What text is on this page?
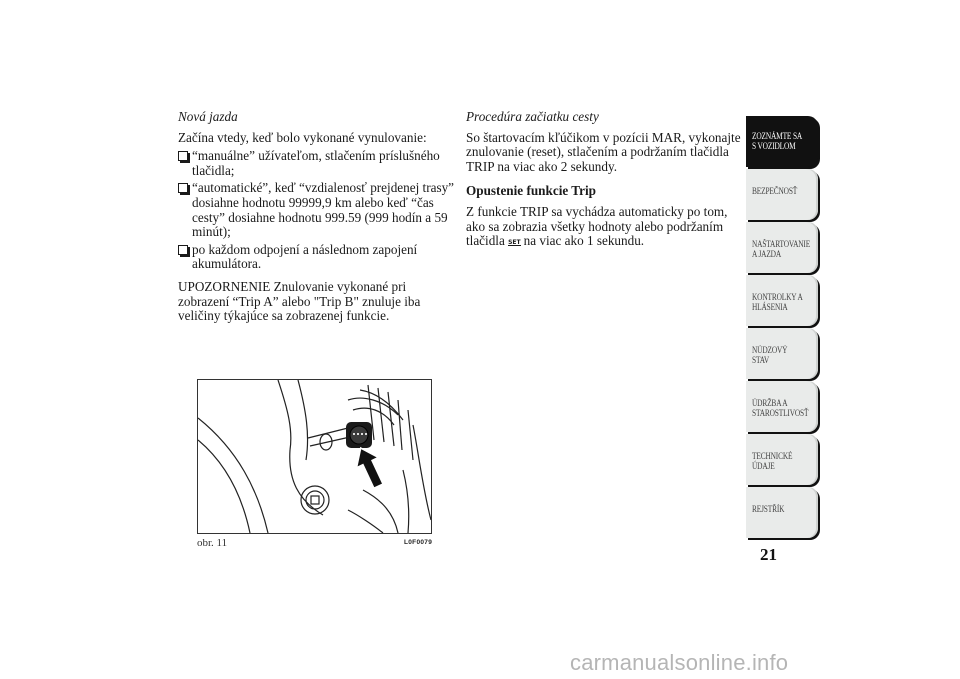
Nová jazda

Začína vtedy, keď bolo vykonané vynulovanie:

“manuálne” užívateľom, stlačením príslušného tlačidla;
“automatické”, keď “vzdialenosť prejdenej trasy” dosiahne hodnotu 99999,9 km alebo keď “čas cesty” dosiahne hodnotu 999.59 (999 hodín a 59 minút);
po každom odpojení a následnom zapojení akumulátora.
UPOZORNENIE Znulovanie vykonané pri zobrazení “Trip A” alebo "Trip B" znuluje iba veličiny týkajúce sa zobrazenej funkcie.
Procedúra začiatku cesty

So štartovacím kľúčikom v pozícii MAR, vykonajte znulovanie (reset), stlačením a podržaním tlačidla TRIP na viac ako 2 sekundy.

Opustenie funkcie Trip

Z funkcie TRIP sa vychádza automaticky po tom, ako sa zobrazia všetky hodnoty alebo podržaním tlačidla SET na viac ako 1 sekundu.

obr. 11	L0F0079
ZOZNÁMTE SA S VOZIDLOM
BEZPEČNOSŤ
NAŠTARTOVANIE A JAZDA
KONTROLKY A HLÁSENIA
NÚDZOVÝ STAV
ÚDRŽBA A STAROSTLIVOSŤ
TECHNICKÉ ÚDAJE
REJSTŘÍK
21
carmanualsonline.info
